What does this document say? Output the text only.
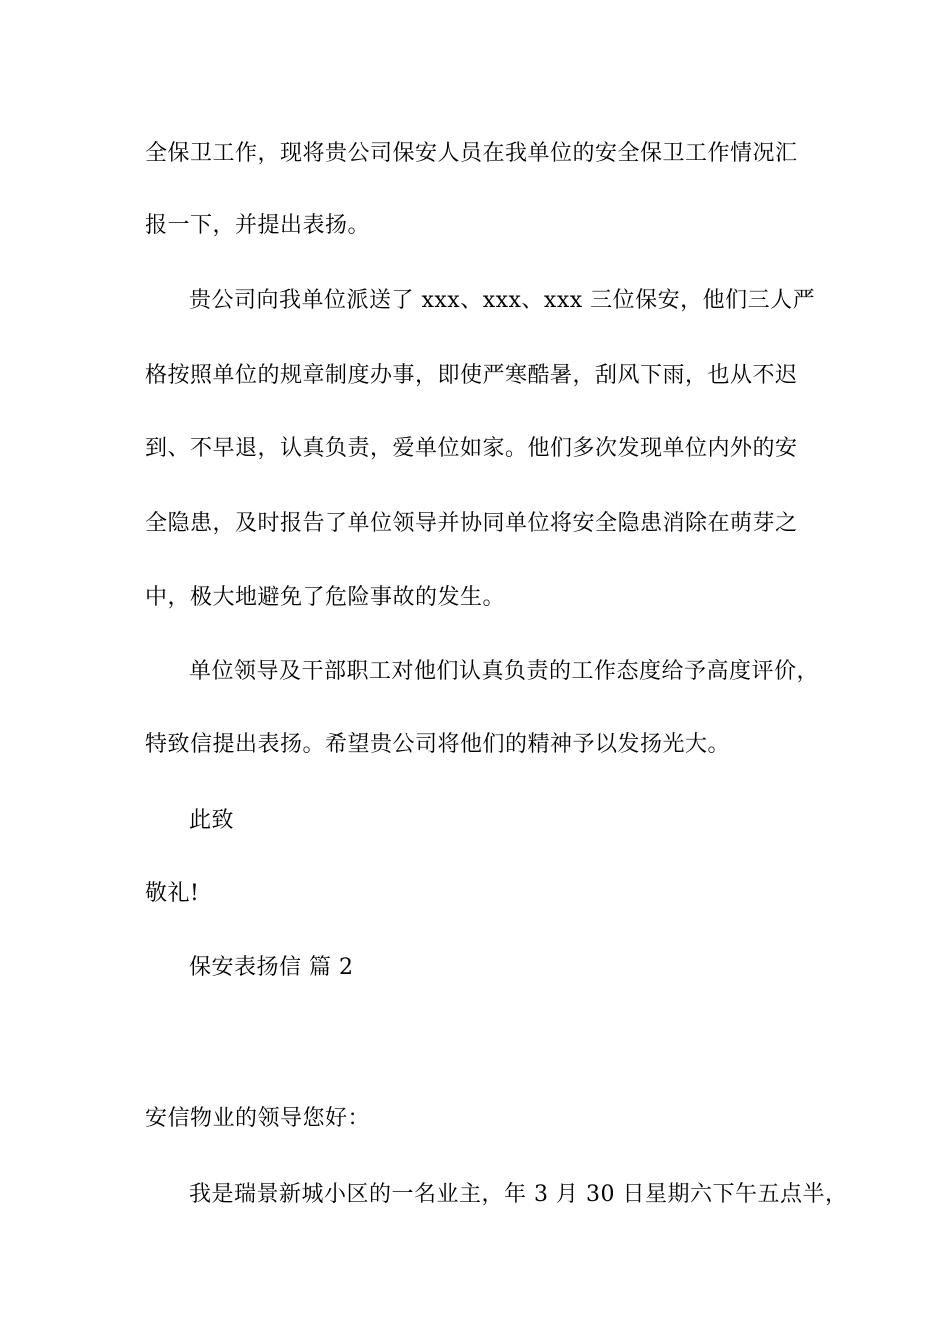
全保卫工作，现将贵公司保安人员在我单位的安全保卫工作情况汇
报一下，并提出表扬。
贵公司向我单位派送了 xxx、xxx、xxx 三位保安，他们三人严
格按照单位的规章制度办事，即使严寒酷暑，刮风下雨，也从不迟
到、不早退，认真负责，爱单位如家。他们多次发现单位内外的安
全隐患，及时报告了单位领导并协同单位将安全隐患消除在萌芽之
中，极大地避免了危险事故的发生。
单位领导及干部职工对他们认真负责的工作态度给予高度评价，
特致信提出表扬。希望贵公司将他们的精神予以发扬光大。
此致
敬礼!
保安表扬信 篇 2
安信物业的领导您好：
我是瑞景新城小区的一名业主，年 3 月 30 日星期六下午五点半，
